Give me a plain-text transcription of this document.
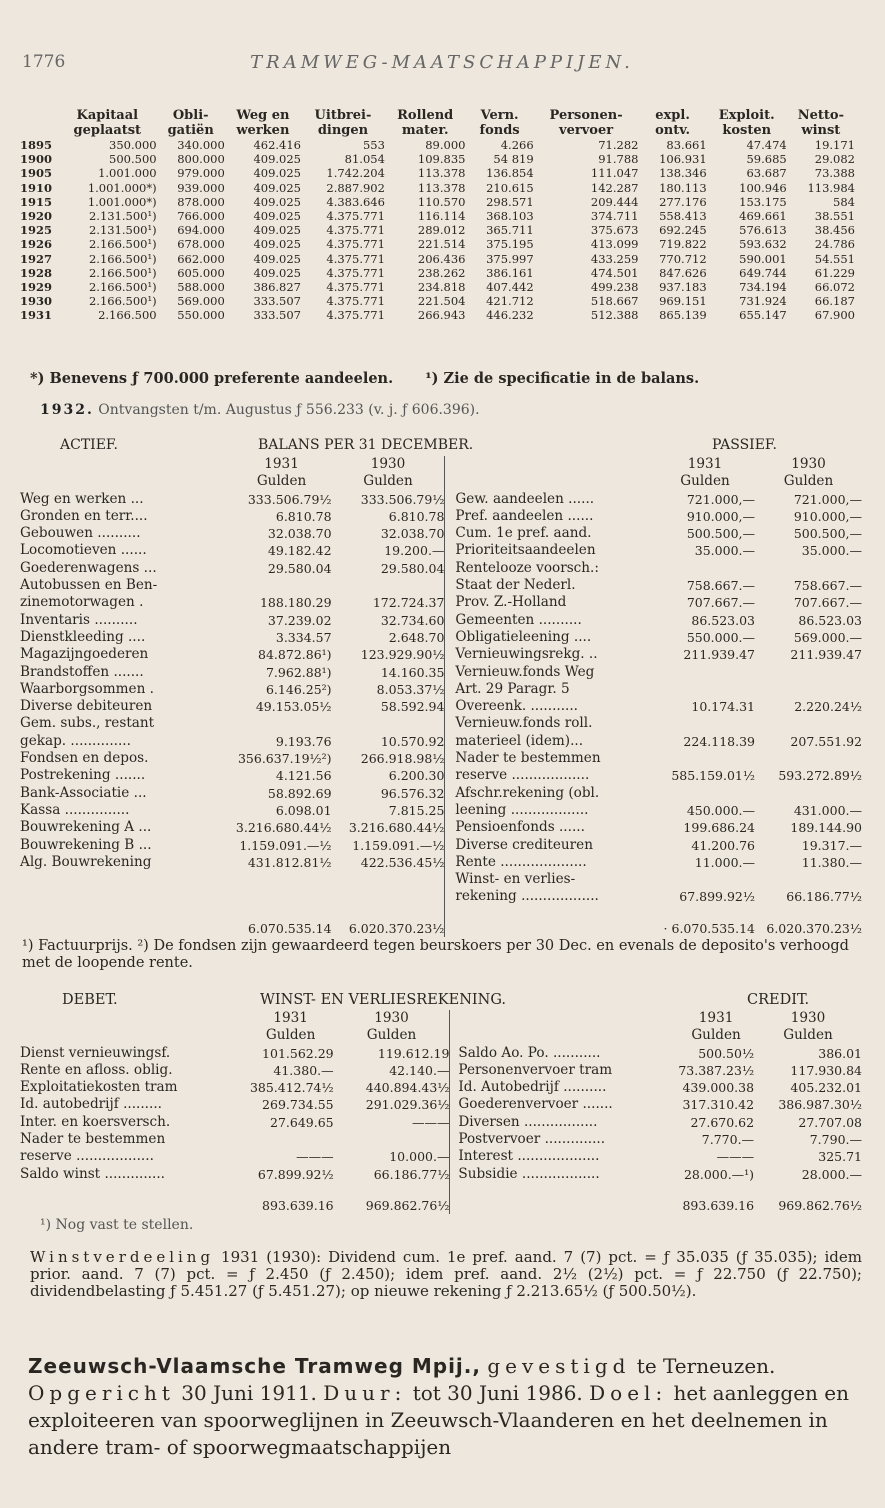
1776	TRAMWEG-MAATSCHAPPIJEN.
	Kapitaal	Obli-	Weg en	Uitbrei-	Rollend	Vern.	Personen-	expl.	Exploit.	Netto-
	geplaatst	gatiën	werken	dingen	mater.	fonds	vervoer	ontv.	kosten	winst
1895	350.000	340.000	462.416	553	89.000	4.266	71.282	83.661	47.474	19.171
1900	500.500	800.000	409.025	81.054	109.835	54 819	91.788	106.931	59.685	29.082
1905	1.001.000	979.000	409.025	1.742.204	113.378	136.854	111.047	138.346	63.687	73.388
1910	1.001.000*)	939.000	409.025	2.887.902	113.378	210.615	142.287	180.113	100.946	113.984
1915	1.001.000*)	878.000	409.025	4.383.646	110.570	298.571	209.444	277.176	153.175	584
1920	2.131.500¹)	766.000	409.025	4.375.771	116.114	368.103	374.711	558.413	469.661	38.551
1925	2.131.500¹)	694.000	409.025	4.375.771	289.012	365.711	375.673	692.245	576.613	38.456
1926	2.166.500¹)	678.000	409.025	4.375.771	221.514	375.195	413.099	719.822	593.632	24.786
1927	2.166.500¹)	662.000	409.025	4.375.771	206.436	375.997	433.259	770.712	590.001	54.551
1928	2.166.500¹)	605.000	409.025	4.375.771	238.262	386.161	474.501	847.626	649.744	61.229
1929	2.166.500¹)	588.000	386.827	4.375.771	234.818	407.442	499.238	937.183	734.194	66.072
1930	2.166.500¹)	569.000	333.507	4.375.771	221.504	421.712	518.667	969.151	731.924	66.187
1931	2.166.500	550.000	333.507	4.375.771	266.943	446.232	512.388	865.139	655.147	67.900
*) Benevens ƒ 700.000 preferente aandeelen. ¹) Zie de specificatie in de balans.
1932. Ontvangsten t/m. Augustus ƒ 556.233 (v. j. ƒ 606.396).
ACTIEF.	BALANS PER 31 DECEMBER.	PASSIEF.
	1931	1930			1931	1930
	Gulden	Gulden			Gulden	Gulden
Weg en werken ...	333.506.79½	333.506.79½		Gew. aandeelen ......	721.000,—	721.000,—
Gronden en terr....	6.810.78	6.810.78		Pref. aandeelen ......	910.000,—	910.000,—
Gebouwen ..........	32.038.70	32.038.70		Cum. 1e pref. aand.	500.500,—	500.500,—
Locomotieven ......	49.182.42	19.200.—		Prioriteitsaandeelen	35.000.—	35.000.—
Goederenwagens ...	29.580.04	29.580.04		Rentelooze voorsch.:		
Autobussen en Ben-				Staat der Nederl.	758.667.—	758.667.—
zinemotorwagen .	188.180.29	172.724.37		Prov. Z.-Holland	707.667.—	707.667.—
Inventaris ..........	37.239.02	32.734.60		Gemeenten ..........	86.523.03	86.523.03
Dienstkleeding ....	3.334.57	2.648.70		Obligatieleening ....	550.000.—	569.000.—
Magazijngoederen	84.872.86¹)	123.929.90½		Vernieuwingsrekg. ..	211.939.47	211.939.47
Brandstoffen .......	7.962.88¹)	14.160.35		Vernieuw.fonds Weg		
Waarborgsommen .	6.146.25²)	8.053.37½		Art. 29 Paragr. 5		
Diverse debiteuren	49.153.05½	58.592.94		Overeenk. ...........	10.174.31	2.220.24½
Gem. subs., restant				Vernieuw.fonds roll.		
gekap. ..............	9.193.76	10.570.92		materieel (idem)...	224.118.39	207.551.92
Fondsen en depos.	356.637.19½²)	266.918.98½		Nader te bestemmen		
Postrekening .......	4.121.56	6.200.30		reserve ..................	585.159.01½	593.272.89½
Bank-Associatie ...	58.892.69	96.576.32		Afschr.rekening (obl.		
Kassa ...............	6.098.01	7.815.25		leening ..................	450.000.—	431.000.—
Bouwrekening A ...	3.216.680.44½	3.216.680.44½		Pensioenfonds ......	199.686.24	189.144.90
Bouwrekening B ...	1.159.091.—½	1.159.091.—½		Diverse crediteuren	41.200.76	19.317.—
Alg. Bouwrekening	431.812.81½	422.536.45½		Rente ....................	11.000.—	11.380.—
				Winst- en verlies-		
				rekening ..................	67.899.92½	66.186.77½
	6.070.535.14	6.020.370.23½			· 6.070.535.14	6.020.370.23½
¹) Factuurprijs. ²) De fondsen zijn gewaardeerd tegen beurskoers per 30 Dec. en evenals de deposito's verhoogd met de loopende rente.
DEBET.	WINST- EN VERLIESREKENING.	CREDIT.
	1931	1930			1931	1930
	Gulden	Gulden			Gulden	Gulden
Dienst vernieuwingsf.	101.562.29	119.612.19		Saldo Ao. Po. ...........	500.50½	386.01
Rente en afloss. oblig.	41.380.—	42.140.—		Personenvervoer tram	73.387.23½	117.930.84
Exploitatiekosten tram	385.412.74½	440.894.43½		Id. Autobedrijf ..........	439.000.38	405.232.01
Id. autobedrijf .........	269.734.55	291.029.36½		Goederenvervoer .......	317.310.42	386.987.30½
Inter. en koersversch.	27.649.65	———		Diversen .................	27.670.62	27.707.08
Nader te bestemmen				Postvervoer ..............	7.770.—	7.790.—
reserve ..................	———	10.000.—		Interest ...................	———	325.71
Saldo winst ..............	67.899.92½	66.186.77½		Subsidie ..................	28.000.—¹)	28.000.—
	893.639.16	969.862.76½			893.639.16	969.862.76½
¹) Nog vast te stellen.
Winstverdeeling 1931 (1930): Dividend cum. 1e pref. aand. 7 (7) pct. = ƒ 35.035 (ƒ 35.035); idem prior. aand. 7 (7) pct. = ƒ 2.450 (ƒ 2.450); idem pref. aand. 2½ (2½) pct. = ƒ 22.750 (ƒ 22.750); dividendbelasting ƒ 5.451.27 (ƒ 5.451.27); op nieuwe rekening ƒ 2.213.65½ (ƒ 500.50½).
Zeeuwsch-Vlaamsche Tramweg Mpij., gevestigd te Terneuzen. Opgericht 30 Juni 1911. Duur: tot 30 Juni 1986. Doel: het aanleggen en exploiteeren van spoorweglijnen in Zeeuwsch-Vlaanderen en het deelnemen in andere tram- of spoorwegmaatschappijen
